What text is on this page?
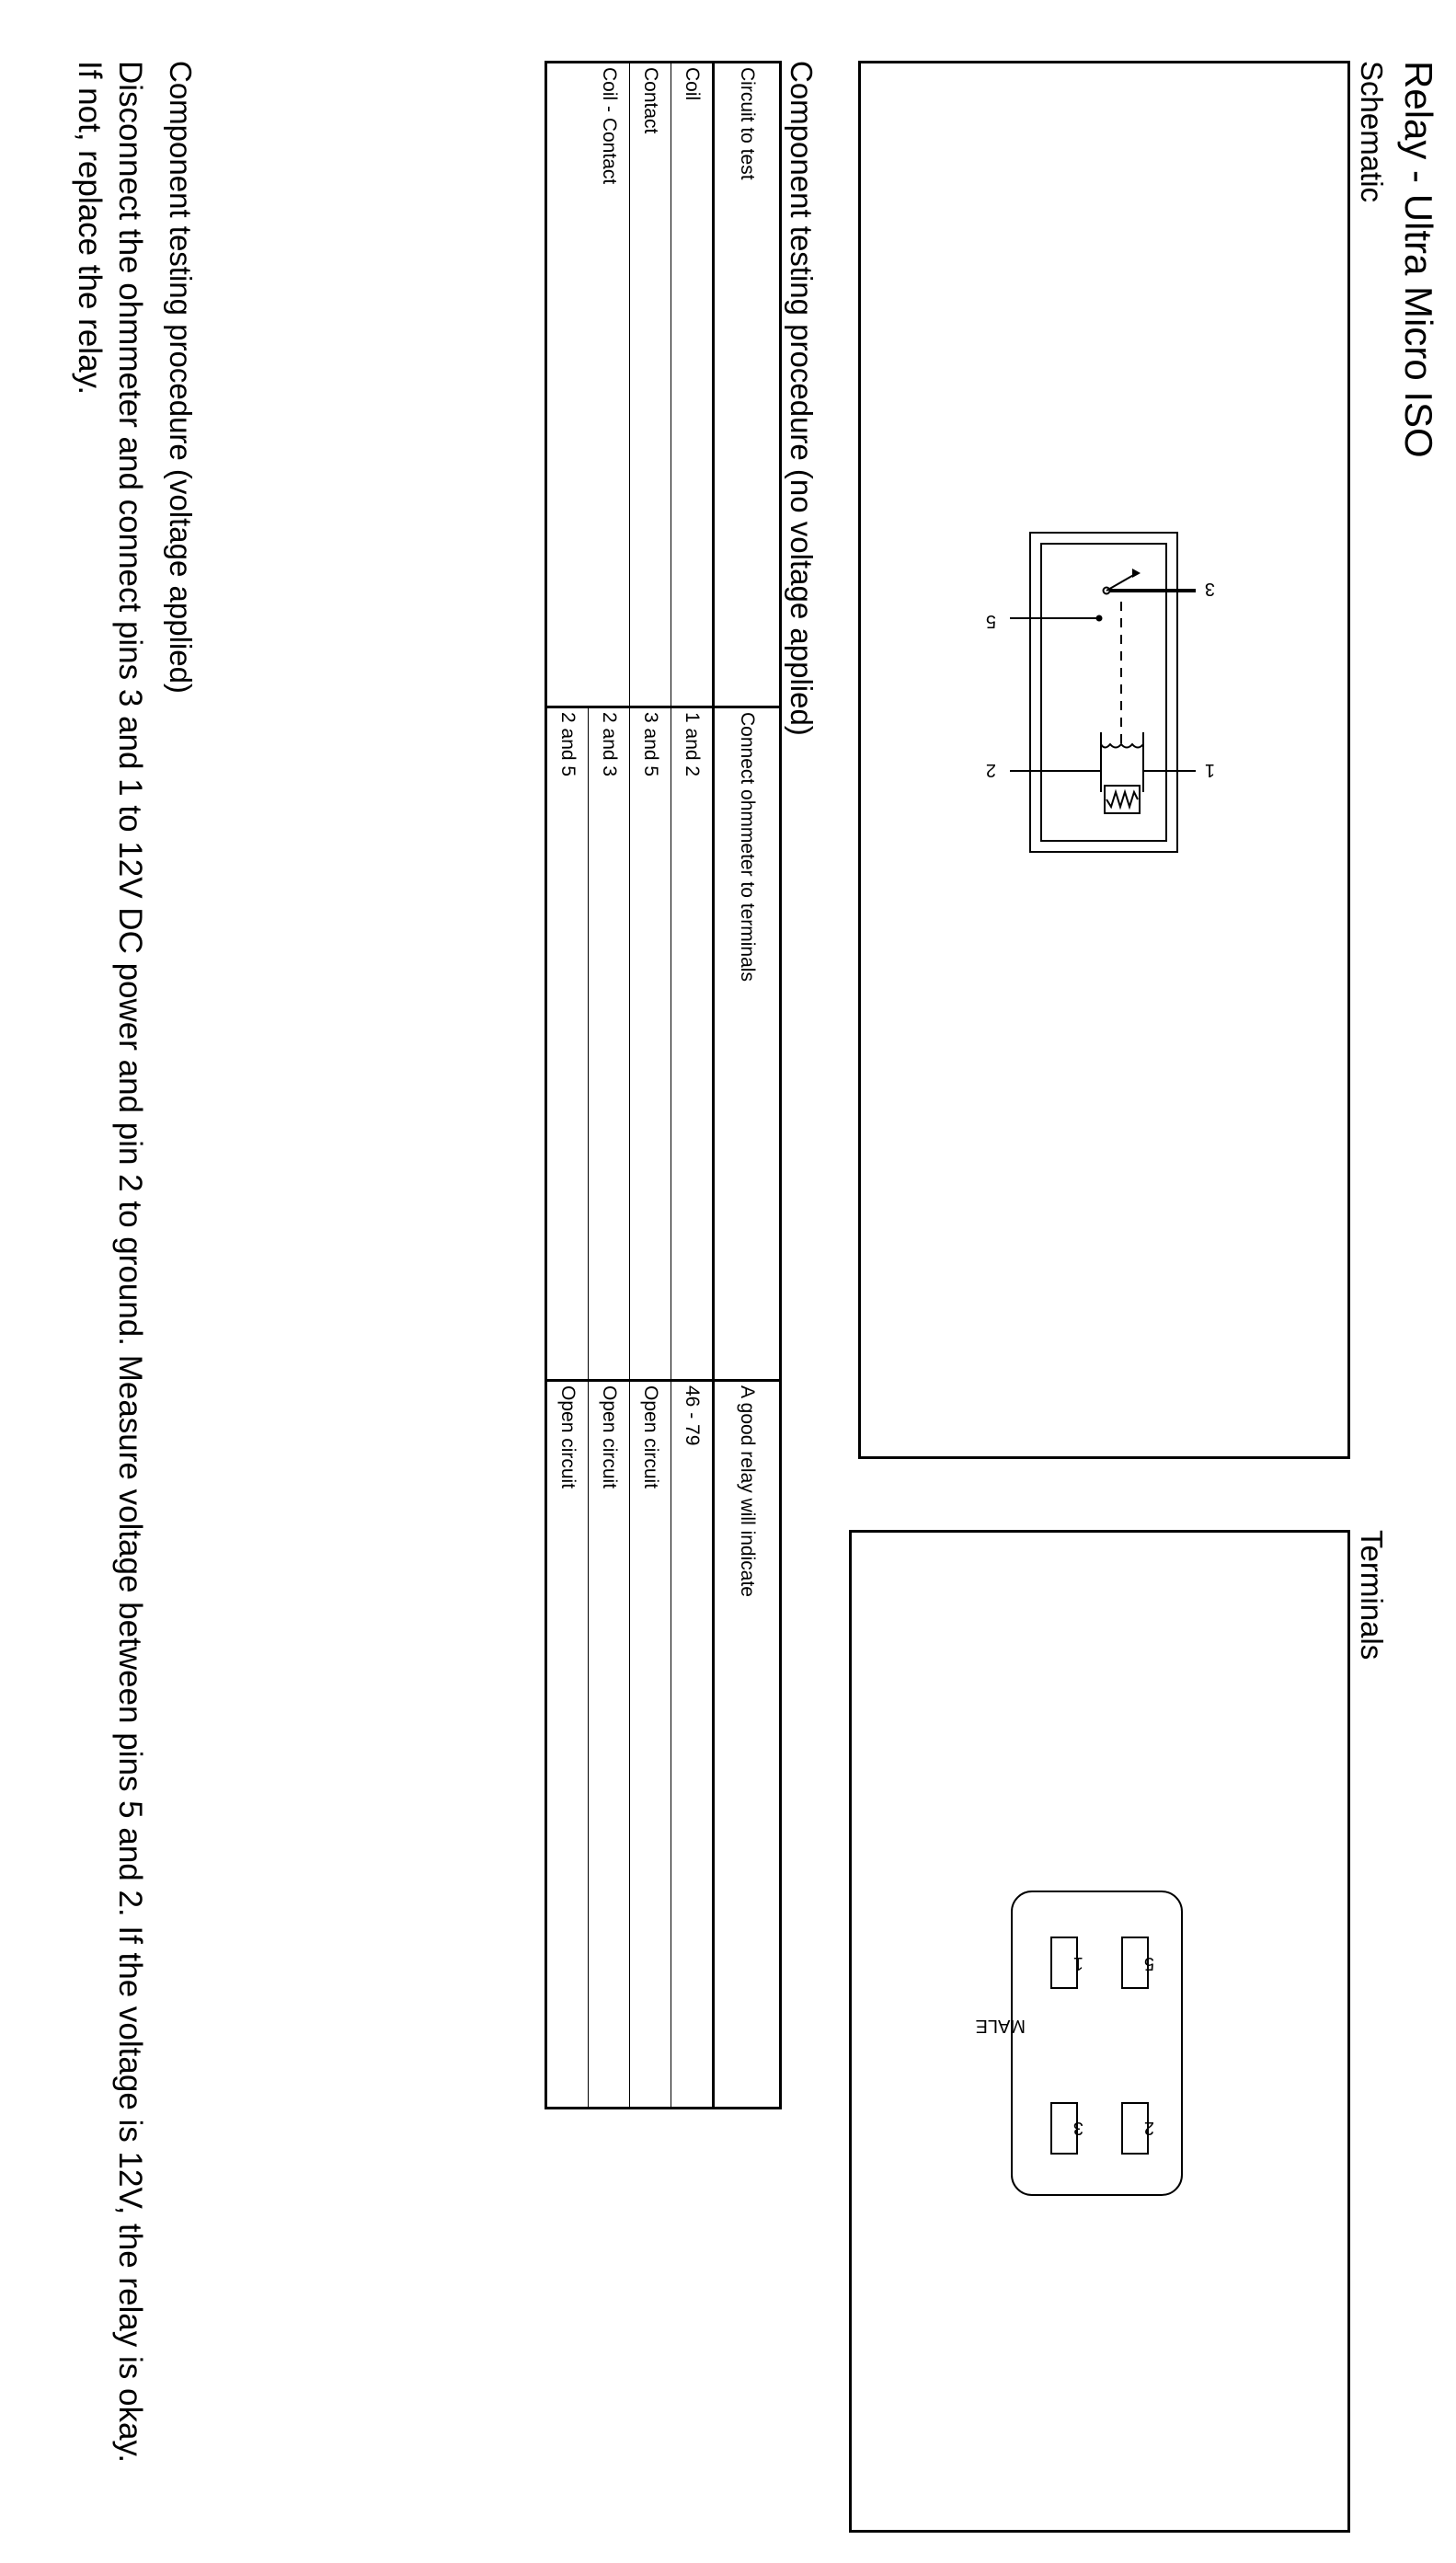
Relay - Ultra Micro ISO
Schematic
Terminals
3
1
5
2
5
2
1
3
MALE
Component testing procedure (no voltage applied)
Circuit to test	Connect ohmmeter to terminals	A good relay will indicate
Coil	1 and 2	46 - 79
Contact	3 and 5	Open circuit
Coil - Contact	2 and 3	Open circuit
	2 and 5	Open circuit
Component testing procedure (voltage applied)
Disconnect the ohmmeter and connect pins 3 and 1 to 12V DC power and pin 2 to ground. Measure voltage between pins 5 and 2. If the voltage is 12V, the relay is okay. If not, replace the relay.
